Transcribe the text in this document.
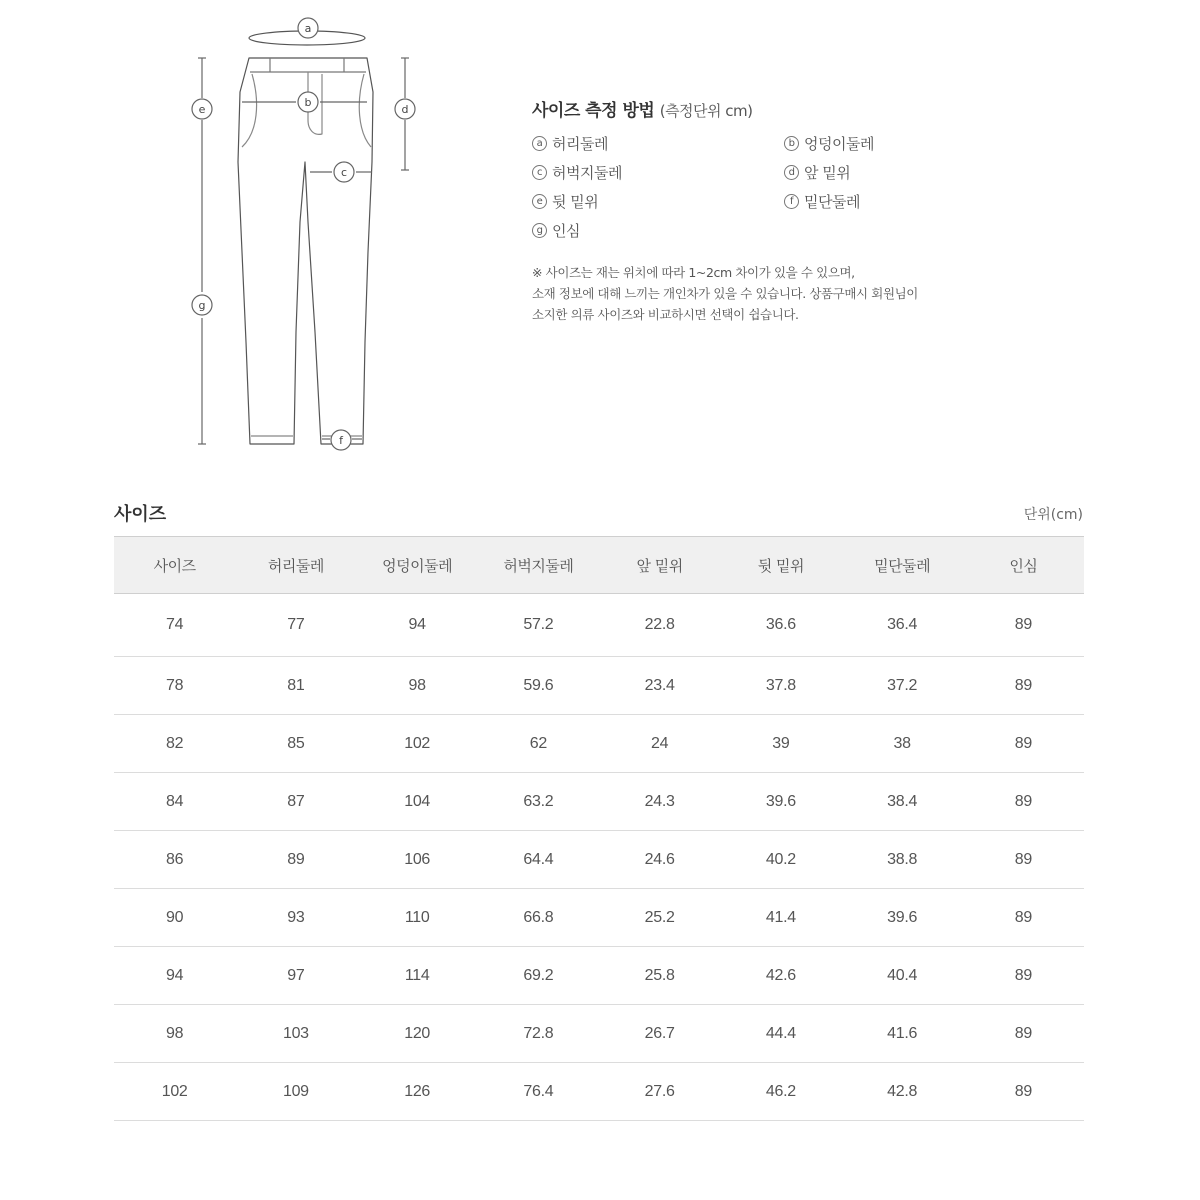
a
b
c
d
e
f
g
사이즈 측정 방법 (측정단위 cm)
a 허리둘레	b 엉덩이둘레
c 허벅지둘레	d 앞 밑위
e 뒷 밑위	f 밑단둘레
g 인심
※ 사이즈는 재는 위치에 따라 1~2cm 차이가 있을 수 있으며,
소재 정보에 대해 느끼는 개인차가 있을 수 있습니다. 상품구매시 회원님이
소지한 의류 사이즈와 비교하시면 선택이 쉽습니다.
사이즈	단위(cm)
사이즈	허리둘레	엉덩이둘레	허벅지둘레	앞 밑위	뒷 밑위	밑단둘레	인심
74	77	94	57.2	22.8	36.6	36.4	89
78	81	98	59.6	23.4	37.8	37.2	89
82	85	102	62	24	39	38	89
84	87	104	63.2	24.3	39.6	38.4	89
86	89	106	64.4	24.6	40.2	38.8	89
90	93	110	66.8	25.2	41.4	39.6	89
94	97	114	69.2	25.8	42.6	40.4	89
98	103	120	72.8	26.7	44.4	41.6	89
102	109	126	76.4	27.6	46.2	42.8	89
